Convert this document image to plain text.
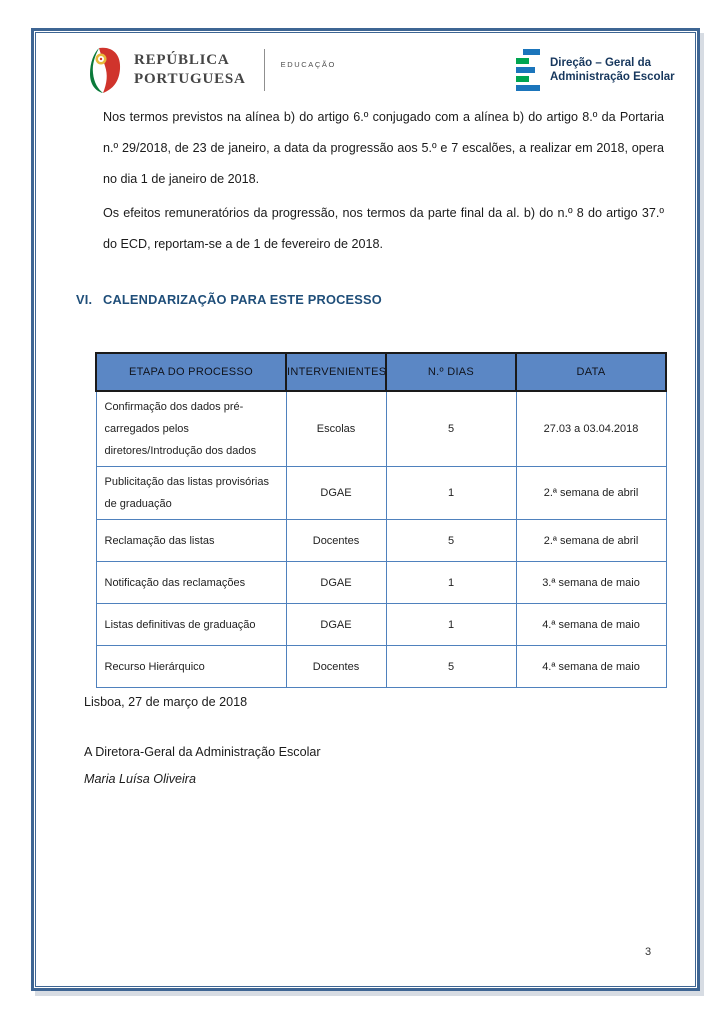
REPÚBLICA
PORTUGUESA
EDUCAÇÃO	Direção – Geral da
Administração Escolar

Nos termos previstos na alínea b) do artigo 6.º conjugado com a alínea b) do artigo 8.º da Portaria n.º 29/2018, de 23 de janeiro, a data da progressão aos 5.º e 7 escalões, a realizar em 2018, opera no dia 1 de janeiro de 2018.

Os efeitos remuneratórios da progressão, nos termos da parte final da al. b) do n.º 8 do artigo 37.º do ECD, reportam-se a de 1 de fevereiro de 2018.

VI. CALENDARIZAÇÃO PARA ESTE PROCESSO
ETAPA DO PROCESSO	INTERVENIENTES	N.º DIAS	DATA
Confirmação dos dados pré-carregados pelos diretores/Introdução dos dados	Escolas	5	27.03 a 03.04.2018
Publicitação das listas provisórias de graduação	DGAE	1	2.ª semana de abril
Reclamação das listas	Docentes	5	2.ª semana de abril
Notificação das reclamações	DGAE	1	3.ª semana de maio
Listas definitivas de graduação	DGAE	1	4.ª semana de maio
Recurso Hierárquico	Docentes	5	4.ª semana de maio
Lisboa, 27 de março de 2018
A Diretora-Geral da Administração Escolar
Maria Luísa Oliveira
3
